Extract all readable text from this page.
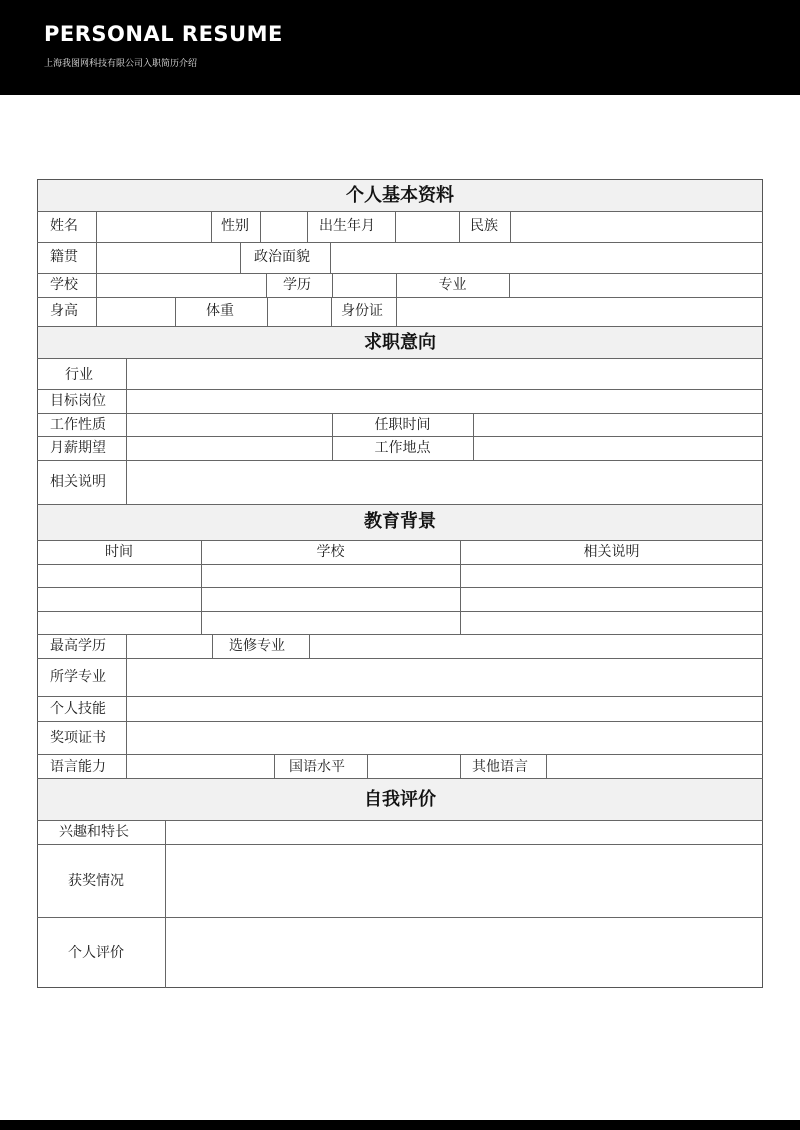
PERSONAL RESUME
上海我图网科技有限公司入职简历介绍
个人基本资料
求职意向
教育背景
自我评价
姓名	性别	出生年月	民族
籍贯	政治面貌
学校	学历	专业
身高	体重	身份证
行业
目标岗位
工作性质	任职时间
月薪期望	工作地点
相关说明
时间	学校	相关说明
最高学历	选修专业
所学专业
个人技能
奖项证书
语言能力	国语水平	其他语言
兴趣和特长
获奖情况
个人评价
